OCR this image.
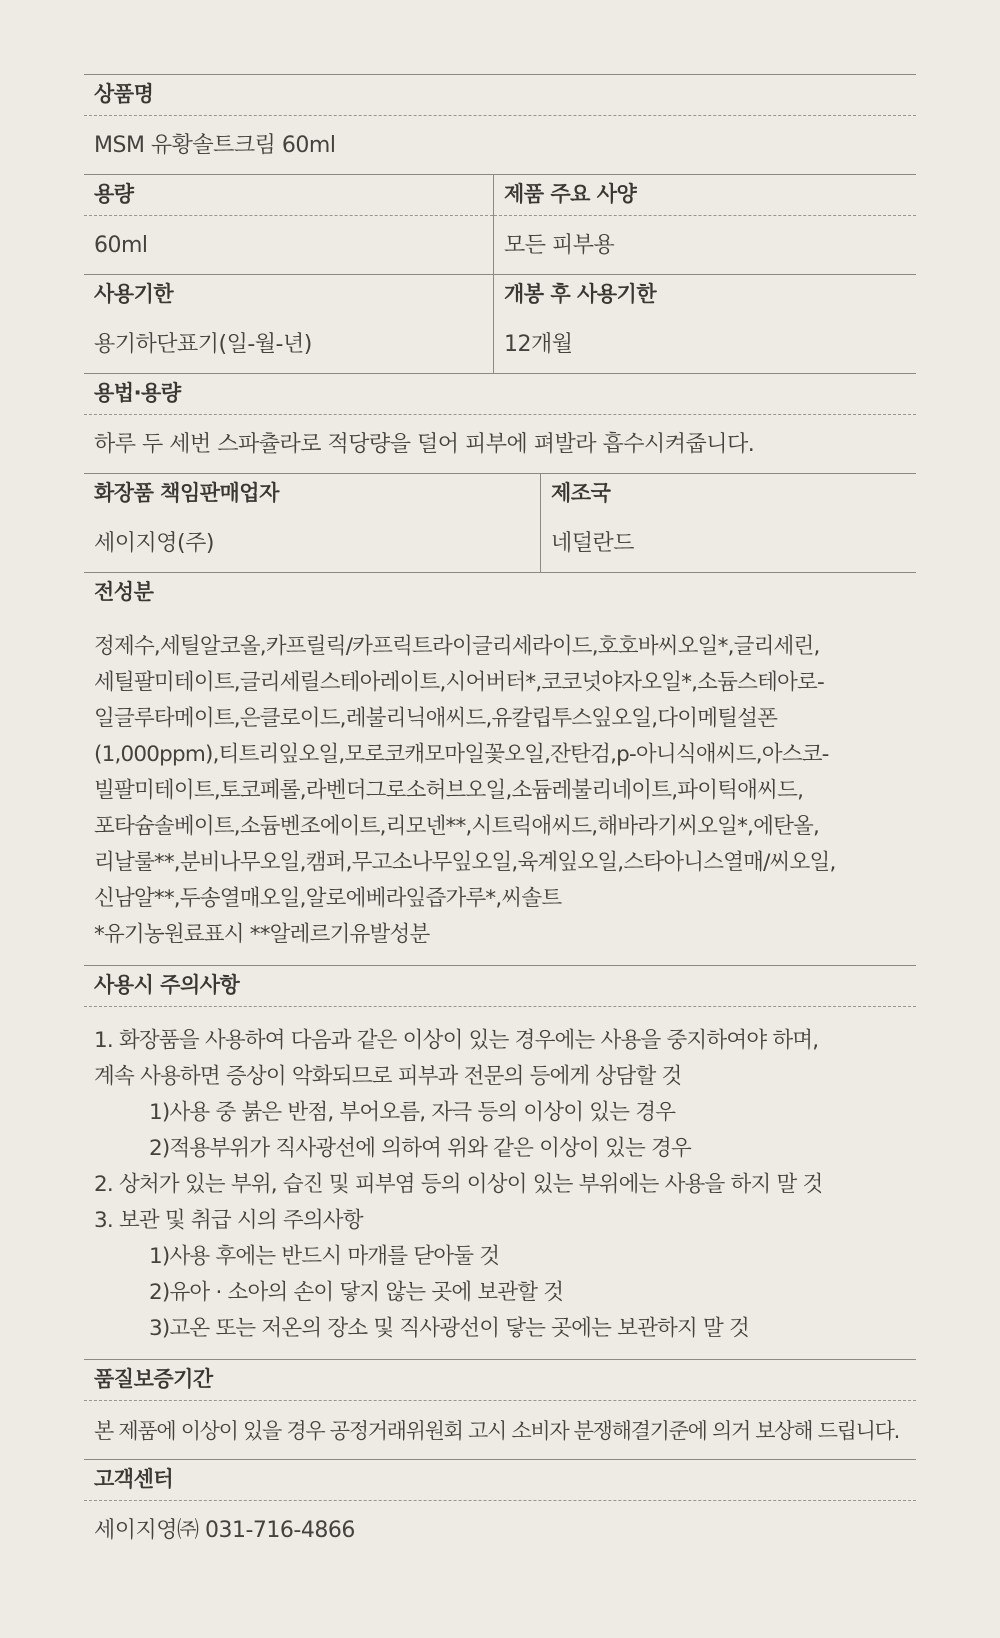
상품명
MSM 유황솔트크림 60ml
용량
60ml
제품 주요 사양
모든 피부용
사용기한
용기하단표기(일-월-년)
개봉 후 사용기한
12개월
용법·용량
하루 두 세번 스파츌라로 적당량을 덜어 피부에 펴발라 흡수시켜줍니다.
화장품 책임판매업자
세이지영(주)
제조국
네덜란드
전성분
정제수,세틸알코올,카프릴릭/카프릭트라이글리세라이드,호호바씨오일*,글리세린,
세틸팔미테이트,글리세릴스테아레이트,시어버터*,코코넛야자오일*,소듐스테아로-
일글루타메이트,은클로이드,레불리닉애씨드,유칼립투스잎오일,다이메틸설폰
(1,000ppm),티트리잎오일,모로코캐모마일꽃오일,잔탄검,p-아니식애씨드,아스코-
빌팔미테이트,토코페롤,라벤더그로소허브오일,소듐레불리네이트,파이틱애씨드,
포타슘솔베이트,소듐벤조에이트,리모넨**,시트릭애씨드,해바라기씨오일*,에탄올,
리날룰**,분비나무오일,캠퍼,무고소나무잎오일,육계잎오일,스타아니스열매/씨오일,
신남알**,두송열매오일,알로에베라잎즙가루*,씨솔트
*유기농원료표시 **알레르기유발성분
사용시 주의사항
1. 화장품을 사용하여 다음과 같은 이상이 있는 경우에는 사용을 중지하여야 하며,
계속 사용하면 증상이 악화되므로 피부과 전문의 등에게 상담할 것
1)사용 중 붉은 반점, 부어오름, 자극 등의 이상이 있는 경우
2)적용부위가 직사광선에 의하여 위와 같은 이상이 있는 경우
2. 상처가 있는 부위, 습진 및 피부염 등의 이상이 있는 부위에는 사용을 하지 말 것
3. 보관 및 취급 시의 주의사항
1)사용 후에는 반드시 마개를 닫아둘 것
2)유아 · 소아의 손이 닿지 않는 곳에 보관할 것
3)고온 또는 저온의 장소 및 직사광선이 닿는 곳에는 보관하지 말 것
품질보증기간
본 제품에 이상이 있을 경우 공정거래위원회 고시 소비자 분쟁해결기준에 의거 보상해 드립니다.
고객센터
세이지영㈜ 031-716-4866
